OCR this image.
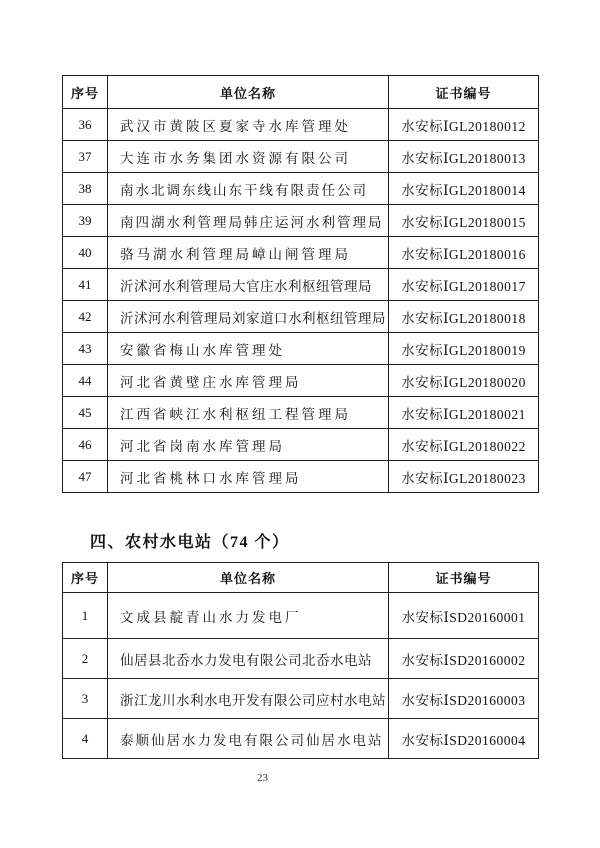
序号	单位名称	证书编号
36	武汉市黄陂区夏家寺水库管理处	水安标ⅠGL20180012
37	大连市水务集团水资源有限公司	水安标ⅠGL20180013
38	南水北调东线山东干线有限责任公司	水安标ⅠGL20180014
39	南四湖水利管理局韩庄运河水利管理局	水安标ⅠGL20180015
40	骆马湖水利管理局嶂山闸管理局	水安标ⅠGL20180016
41	沂沭河水利管理局大官庄水利枢纽管理局	水安标ⅠGL20180017
42	沂沭河水利管理局刘家道口水利枢纽管理局	水安标ⅠGL20180018
43	安徽省梅山水库管理处	水安标ⅠGL20180019
44	河北省黄壁庄水库管理局	水安标ⅠGL20180020
45	江西省峡江水利枢纽工程管理局	水安标ⅠGL20180021
46	河北省岗南水库管理局	水安标ⅠGL20180022
47	河北省桃林口水库管理局	水安标ⅠGL20180023
四、农村水电站（74 个）
序号	单位名称	证书编号
1	文成县靛青山水力发电厂	水安标ⅠSD20160001
2	仙居县北岙水力发电有限公司北岙水电站	水安标ⅠSD20160002
3	浙江龙川水利水电开发有限公司应村水电站	水安标ⅠSD20160003
4	泰顺仙居水力发电有限公司仙居水电站	水安标ⅠSD20160004
23
